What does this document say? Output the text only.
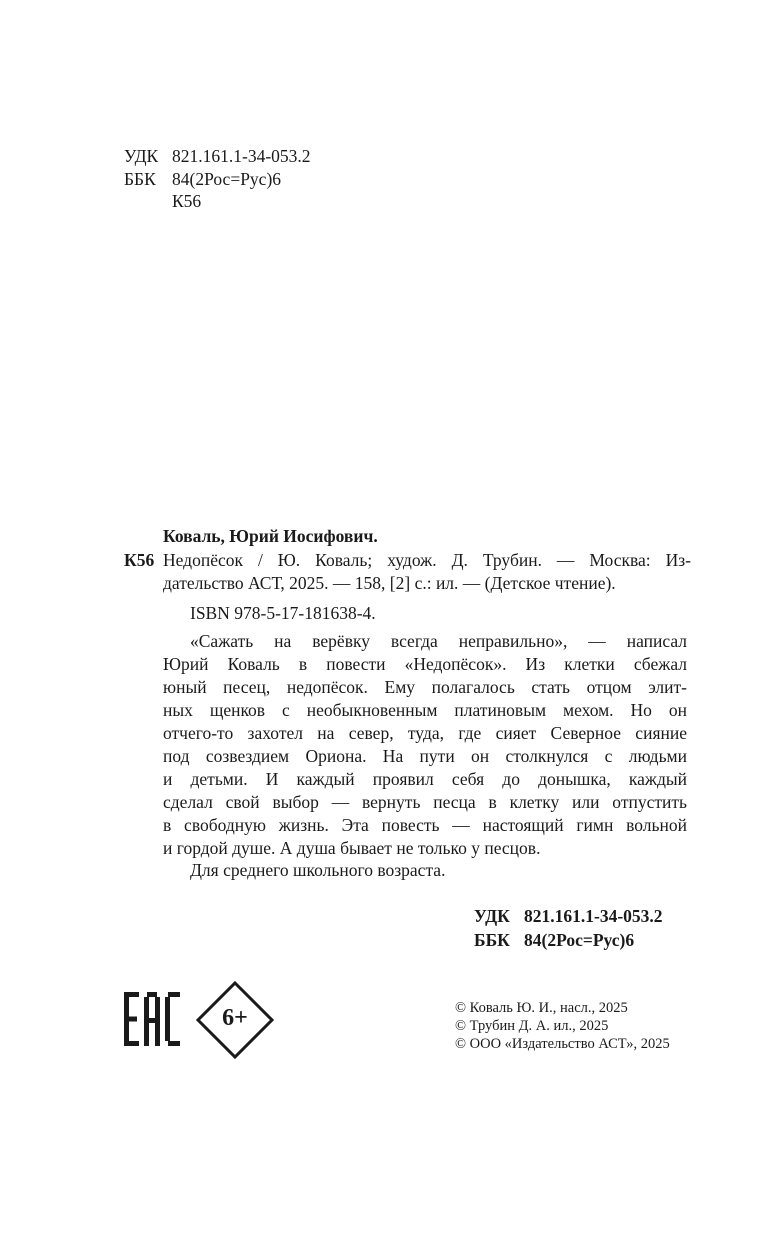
УДК 821.161.1-34-053.2
ББК 84(2Рос=Рус)6
К56
Коваль, Юрий Иосифович.
К56 Недопёсок / Ю. Коваль; худож. Д. Трубин. — Москва: Из-
дательство АСТ, 2025. — 158, [2] с.: ил. — (Детское чтение).
ISBN 978-5-17-181638-4.
«Сажать на верёвку всегда неправильно», — написал
Юрий Коваль в повести «Недопёсок». Из клетки сбежал
юный песец, недопёсок. Ему полагалось стать отцом элит-
ных щенков с необыкновенным платиновым мехом. Но он
отчего-то захотел на север, туда, где сияет Северное сияние
под созвездием Ориона. На пути он столкнулся с людьми
и детьми. И каждый проявил себя до донышка, каждый
сделал свой выбор — вернуть песца в клетку или отпустить
в свободную жизнь. Эта повесть — настоящий гимн вольной
и гордой душе. А душа бывает не только у песцов.
Для среднего школьного возраста.
УДК 821.161.1-34-053.2
ББК 84(2Рос=Рус)6
6+	© Коваль Ю. И., насл., 2025
© Трубин Д. А. ил., 2025
© ООО «Издательство АСТ», 2025
